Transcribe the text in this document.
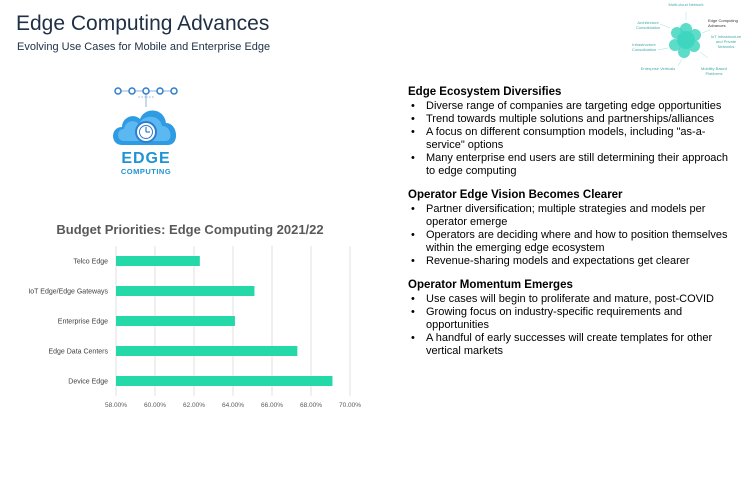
Edge Computing Advances
Evolving Use Cases for Mobile and Enterprise Edge
EDGE
COMPUTING
Edge Computing Advances
Multi-cloud Network
IoT Infrastructure and Private Networks
Mobility Based Platforms
Enterprise Verticals
Infrastructure Consolidation
Architecture Consolidation
Budget Priorities: Edge Computing 2021/22
58.00%	60.00%	62.00%	64.00%	66.00%	68.00%	70.00%
Telco Edge
IoT Edge/Edge Gateways
Enterprise Edge
Edge Data Centers
Device Edge
Edge Ecosystem Diversifies
• Diverse range of companies are targeting edge opportunities
• Trend towards multiple solutions and partnerships/alliances
• A focus on different consumption models, including "as-a-service" options
• Many enterprise end users are still determining their approach to edge computing
Operator Edge Vision Becomes Clearer
• Partner diversification; multiple strategies and models per operator emerge
• Operators are deciding where and how to position themselves within the emerging edge ecosystem
• Revenue-sharing models and expectations get clearer
Operator Momentum Emerges
• Use cases will begin to proliferate and mature, post-COVID
• Growing focus on industry-specific requirements and opportunities
• A handful of early successes will create templates for other vertical markets
